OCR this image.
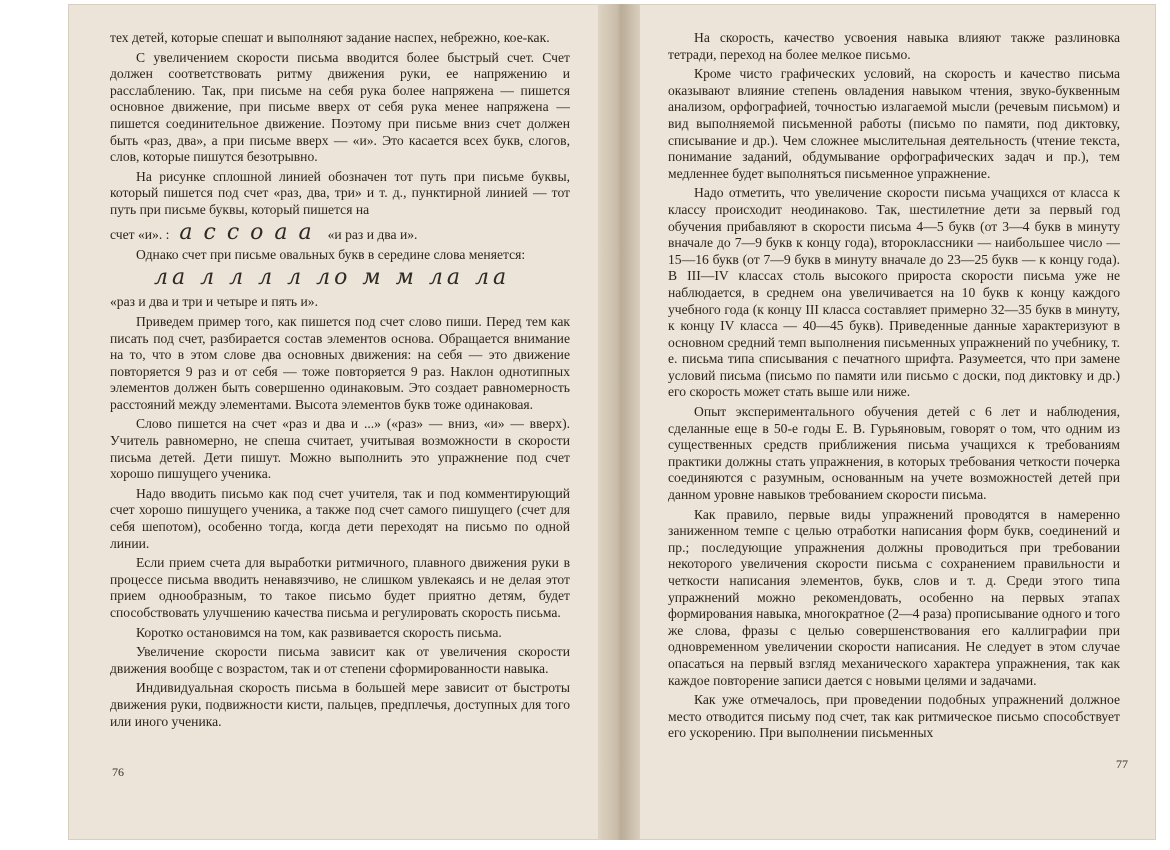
тех детей, которые спешат и выполняют задание наспех, небрежно, кое-как.

С увеличением скорости письма вводится более быстрый счет. Счет должен соответствовать ритму движения руки, ее напряжению и расслаблению. Так, при письме на себя рука более напряжена — пишется основное движение, при письме вверх от себя рука менее напряжена — пишется соединительное движение. Поэтому при письме вниз счет должен быть «раз, два», а при письме вверх — «и». Это касается всех букв, слогов, слов, которые пишутся безотрывно.

На рисунке сплошной линией обозначен тот путь при письме буквы, который пишется под счет «раз, два, три» и т. д., пунктирной линией — тот путь при письме буквы, который пишется на

счет «и». : а с с о а а «и раз и два и».

Однако счет при письме овальных букв в середине слова меняется:

ла л л л л ло м м ла ла

«раз и два и три и четыре и пять и».

Приведем пример того, как пишется под счет слово пиши. Перед тем как писать под счет, разбирается состав элементов основа. Обращается внимание на то, что в этом слове два основных движения: на себя — это движение повторяется 9 раз и от себя — тоже повторяется 9 раз. Наклон однотипных элементов должен быть совершенно одинаковым. Это создает равномерность расстояний между элементами. Высота элементов букв тоже одинаковая.

Слово пишется на счет «раз и два и ...» («раз» — вниз, «и» — вверх). Учитель равномерно, не спеша считает, учитывая возможности в скорости письма детей. Дети пишут. Можно выполнить это упражнение под счет хорошо пишущего ученика.

Надо вводить письмо как под счет учителя, так и под комментирующий счет хорошо пишущего ученика, а также под счет самого пишущего (счет для себя шепотом), особенно тогда, когда дети переходят на письмо по одной линии.

Если прием счета для выработки ритмичного, плавного движения руки в процессе письма вводить ненавязчиво, не слишком увлекаясь и не делая этот прием однообразным, то такое письмо будет приятно детям, будет способствовать улучшению качества письма и регулировать скорость письма.

Коротко остановимся на том, как развивается скорость письма.

Увеличение скорости письма зависит как от увеличения скорости движения вообще с возрастом, так и от степени сформированности навыка.

Индивидуальная скорость письма в большей мере зависит от быстроты движения руки, подвижности кисти, пальцев, предплечья, доступных для того или иного ученика.

76

На скорость, качество усвоения навыка влияют также разлиновка тетради, переход на более мелкое письмо.

Кроме чисто графических условий, на скорость и качество письма оказывают влияние степень овладения навыком чтения, звуко-буквенным анализом, орфографией, точностью излагаемой мысли (речевым письмом) и вид выполняемой письменной работы (письмо по памяти, под диктовку, списывание и др.). Чем сложнее мыслительная деятельность (чтение текста, понимание заданий, обдумывание орфографических задач и пр.), тем медленнее будет выполняться письменное упражнение.

Надо отметить, что увеличение скорости письма учащихся от класса к классу происходит неодинаково. Так, шестилетние дети за первый год обучения прибавляют в скорости письма 4—5 букв (от 3—4 букв в минуту вначале до 7—9 букв к концу года), второклассники — наибольшее число — 15—16 букв (от 7—9 букв в минуту вначале до 23—25 букв — к концу года). В III—IV классах столь высокого прироста скорости письма уже не наблюдается, в среднем она увеличивается на 10 букв к концу каждого учебного года (к концу III класса составляет примерно 32—35 букв в минуту, к концу IV класса — 40—45 букв). Приведенные данные характеризуют в основном средний темп выполнения письменных упражнений по учебнику, т. е. письма типа списывания с печатного шрифта. Разумеется, что при замене условий письма (письмо по памяти или письмо с доски, под диктовку и др.) его скорость может стать выше или ниже.

Опыт экспериментального обучения детей с 6 лет и наблюдения, сделанные еще в 50-е годы Е. В. Гурьяновым, говорят о том, что одним из существенных средств приближения письма учащихся к требованиям практики должны стать упражнения, в которых требования четкости почерка соединяются с разумным, основанным на учете возможностей детей при данном уровне навыков требованием скорости письма.

Как правило, первые виды упражнений проводятся в намеренно заниженном темпе с целью отработки написания форм букв, соединений и пр.; последующие упражнения должны проводиться при требовании некоторого увеличения скорости письма с сохранением правильности и четкости написания элементов, букв, слов и т. д. Среди этого типа упражнений можно рекомендовать, особенно на первых этапах формирования навыка, многократное (2—4 раза) прописывание одного и того же слова, фразы с целью совершенствования его каллиграфии при одновременном увеличении скорости написания. Не следует в этом случае опасаться на первый взгляд механического характера упражнения, так как каждое повторение записи дается с новыми целями и задачами.

Как уже отмечалось, при проведении подобных упражнений должное место отводится письму под счет, так как ритмическое письмо способствует его ускорению. При выполнении письменных

77
